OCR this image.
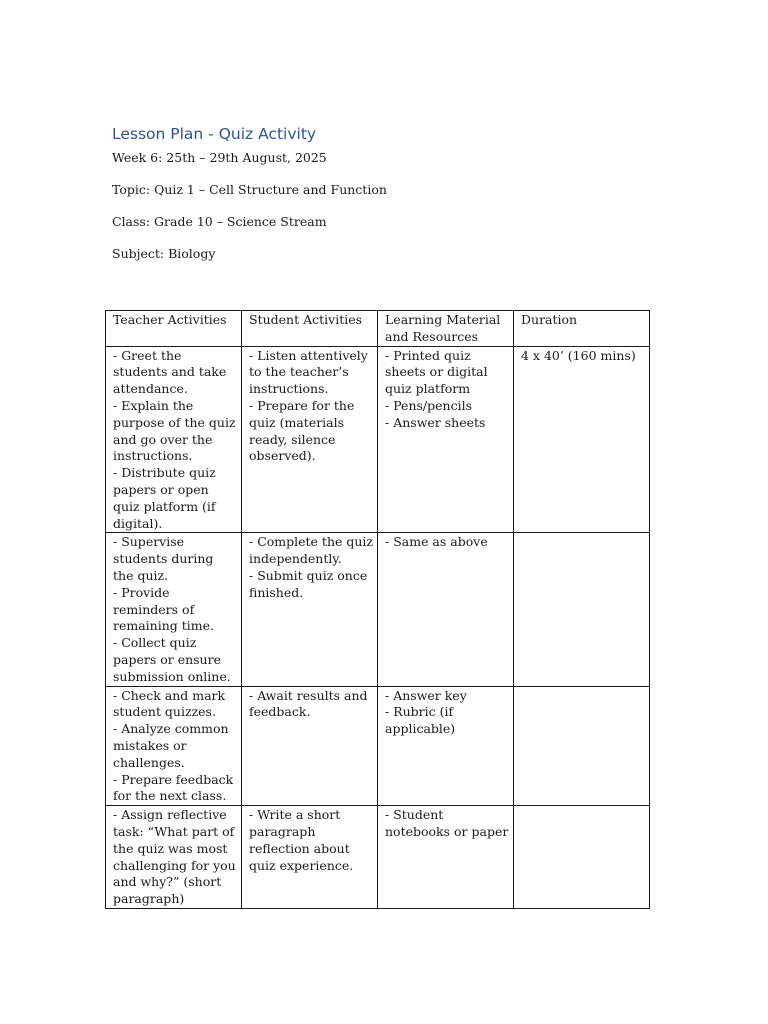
Lesson Plan - Quiz Activity
Week 6: 25th – 29th August, 2025
Topic: Quiz 1 – Cell Structure and Function
Class: Grade 10 – Science Stream
Subject: Biology
Teacher Activities	Student Activities	Learning Material and Resources	Duration

- Greet the students and take attendance.
- Explain the purpose of the quiz and go over the instructions.
- Distribute quiz papers or open quiz platform (if digital).	- Listen attentively to the teacher’s instructions.
- Prepare for the quiz (materials ready, silence observed).	- Printed quiz sheets or digital quiz platform
- Pens/pencils
- Answer sheets	4 x 40’ (160 mins)

- Supervise students during the quiz.
- Provide reminders of remaining time.
- Collect quiz papers or ensure submission online.	- Complete the quiz independently.
- Submit quiz once finished.	- Same as above	

- Check and mark student quizzes.
- Analyze common mistakes or challenges.
- Prepare feedback for the next class.	- Await results and feedback.	- Answer key
- Rubric (if applicable)	

- Assign reflective task: “What part of the quiz was most challenging for you and why?” (short paragraph)	- Write a short paragraph reflection about quiz experience.	- Student notebooks or paper	
